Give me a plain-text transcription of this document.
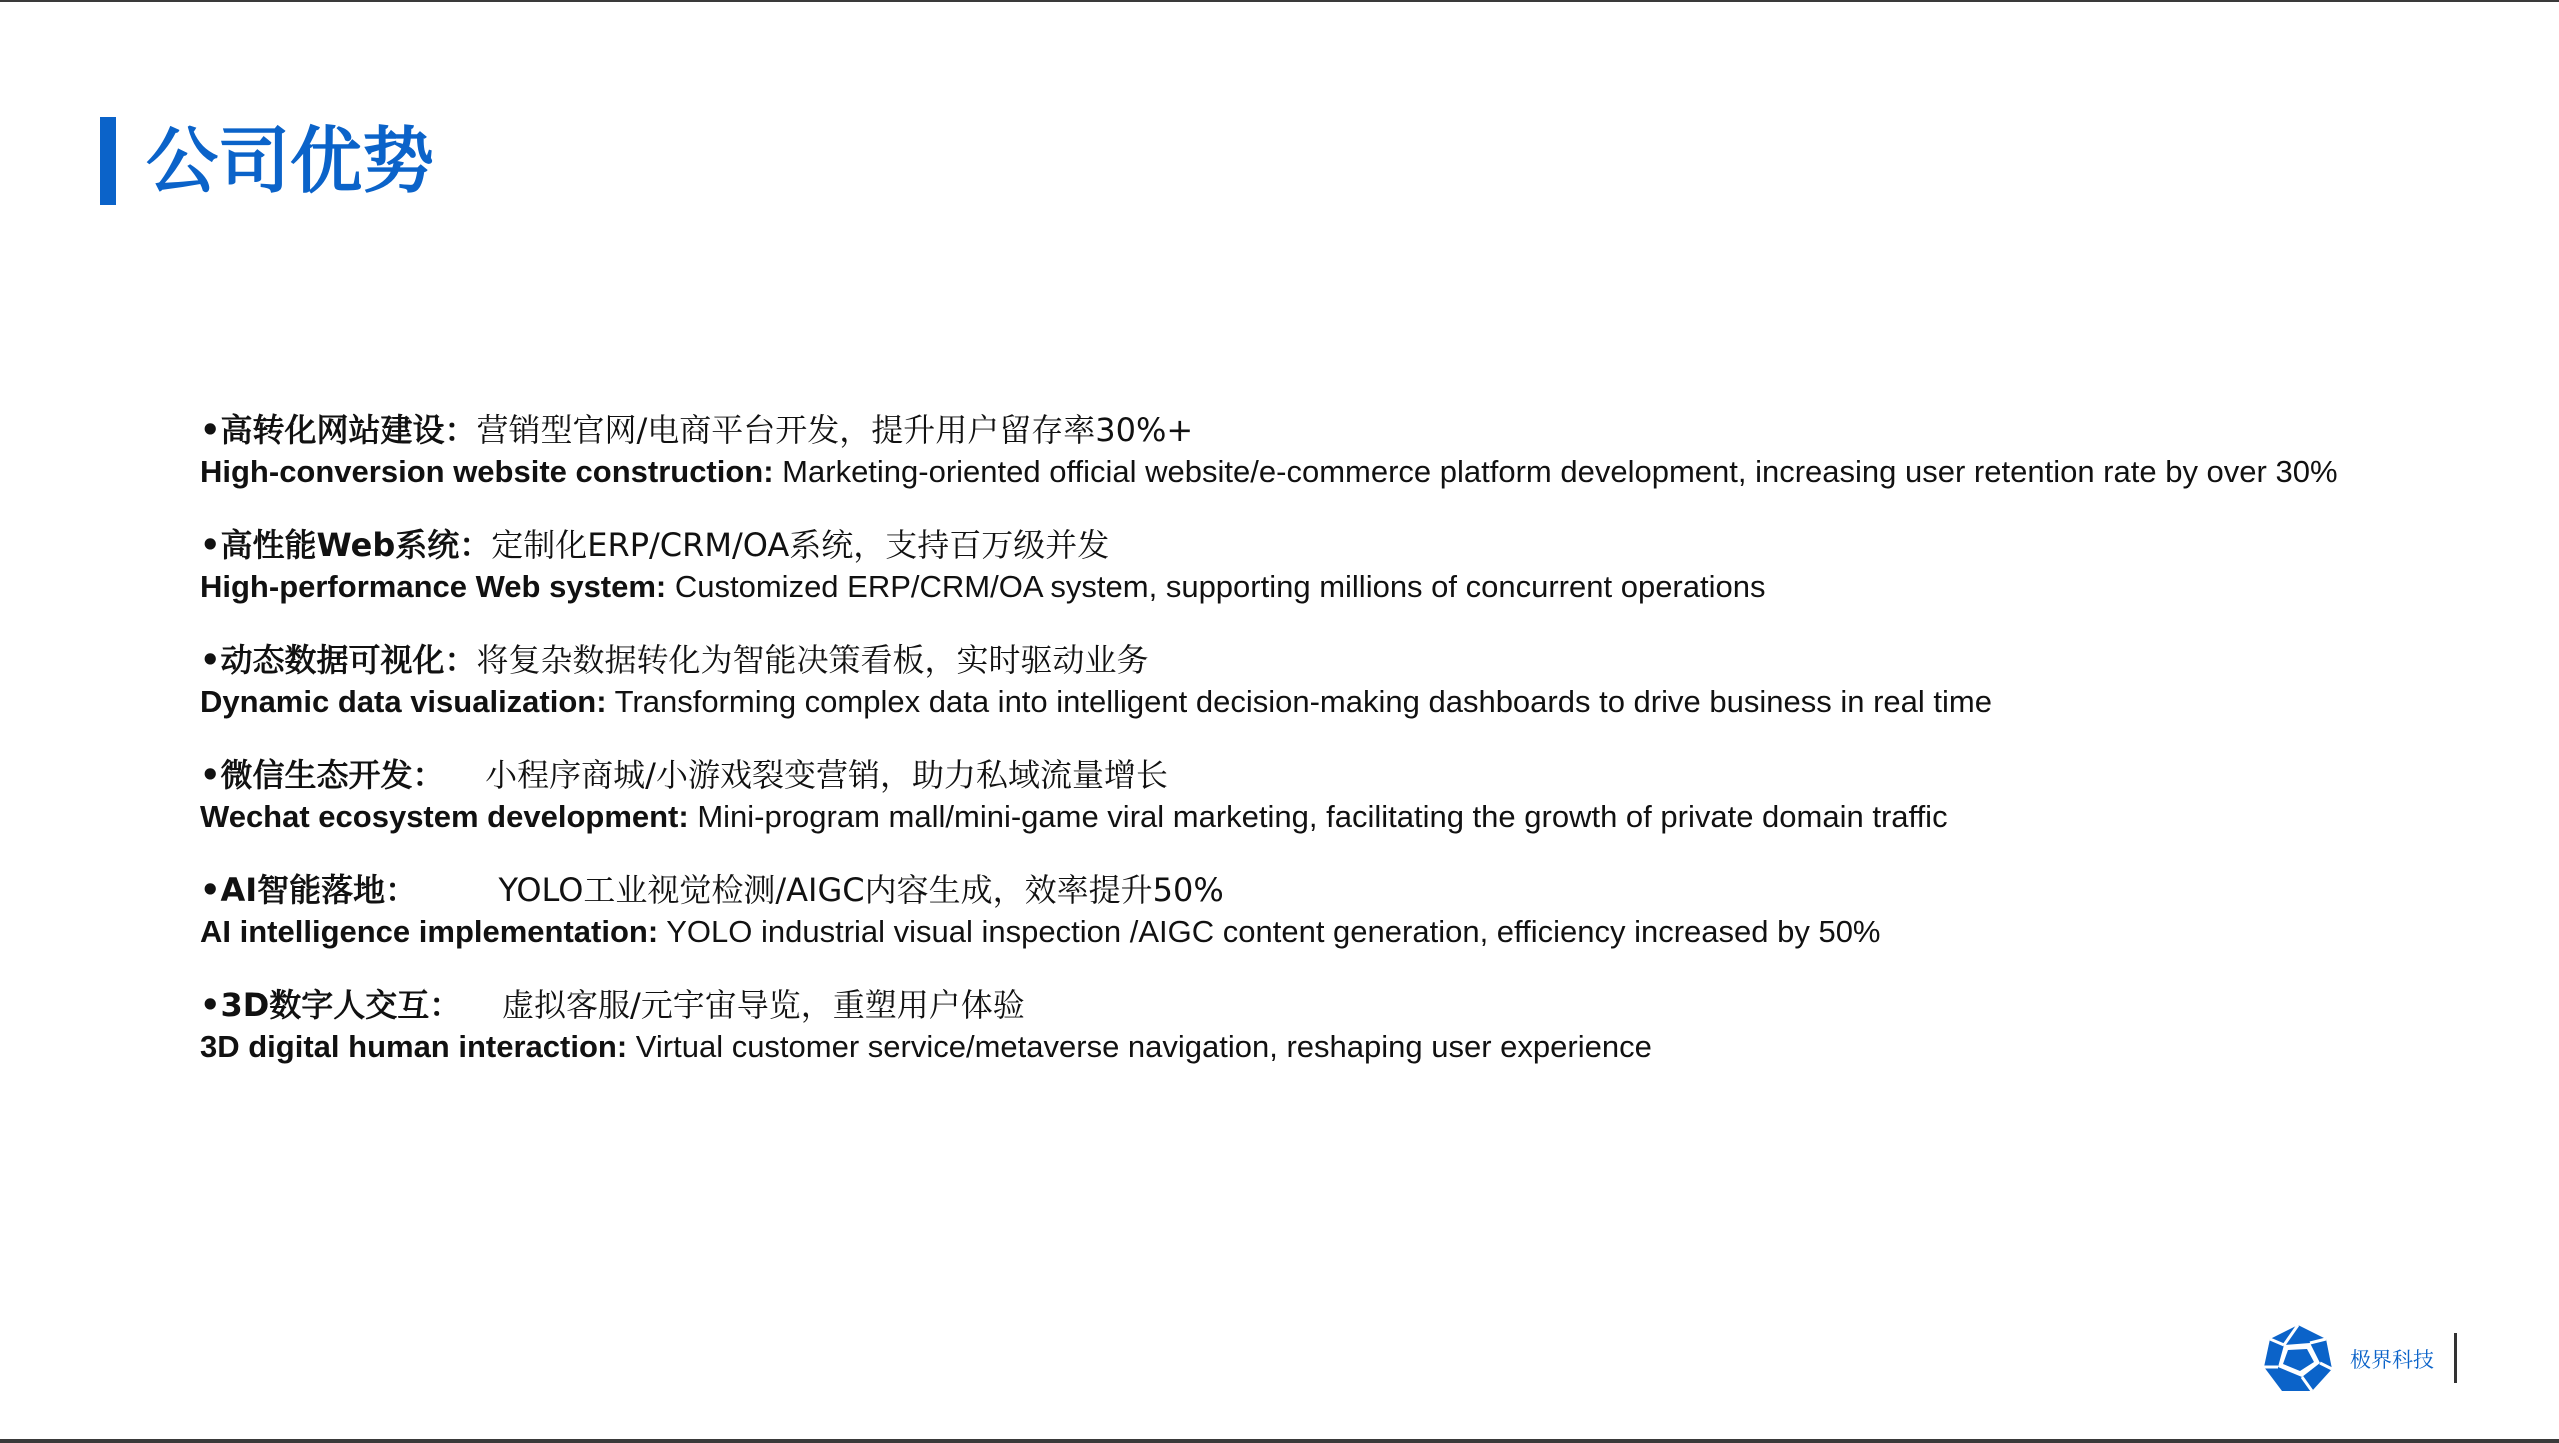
公司优势
•高转化网站建设：营销型官网/电商平台开发，提升用户留存率30%+
High-conversion website construction: Marketing-oriented official website/e-commerce platform development, increasing user retention rate by over 30%
•高性能Web系统：定制化ERP/CRM/OA系统，支持百万级并发
High-performance Web system: Customized ERP/CRM/OA system, supporting millions of concurrent operations
•动态数据可视化：将复杂数据转化为智能决策看板，实时驱动业务
Dynamic data visualization: Transforming complex data into intelligent decision-making dashboards to drive business in real time
•微信生态开发：    小程序商城/小游戏裂变营销，助力私域流量增长
Wechat ecosystem development: Mini-program mall/mini-game viral marketing, facilitating the growth of private domain traffic
•AI智能落地：        YOLO工业视觉检测/AIGC内容生成，效率提升50%
AI intelligence implementation: YOLO industrial visual inspection /AIGC content generation, efficiency increased by 50%
•3D数字人交互：    虚拟客服/元宇宙导览，重塑用户体验
3D digital human interaction: Virtual customer service/metaverse navigation, reshaping user experience
极界科技
